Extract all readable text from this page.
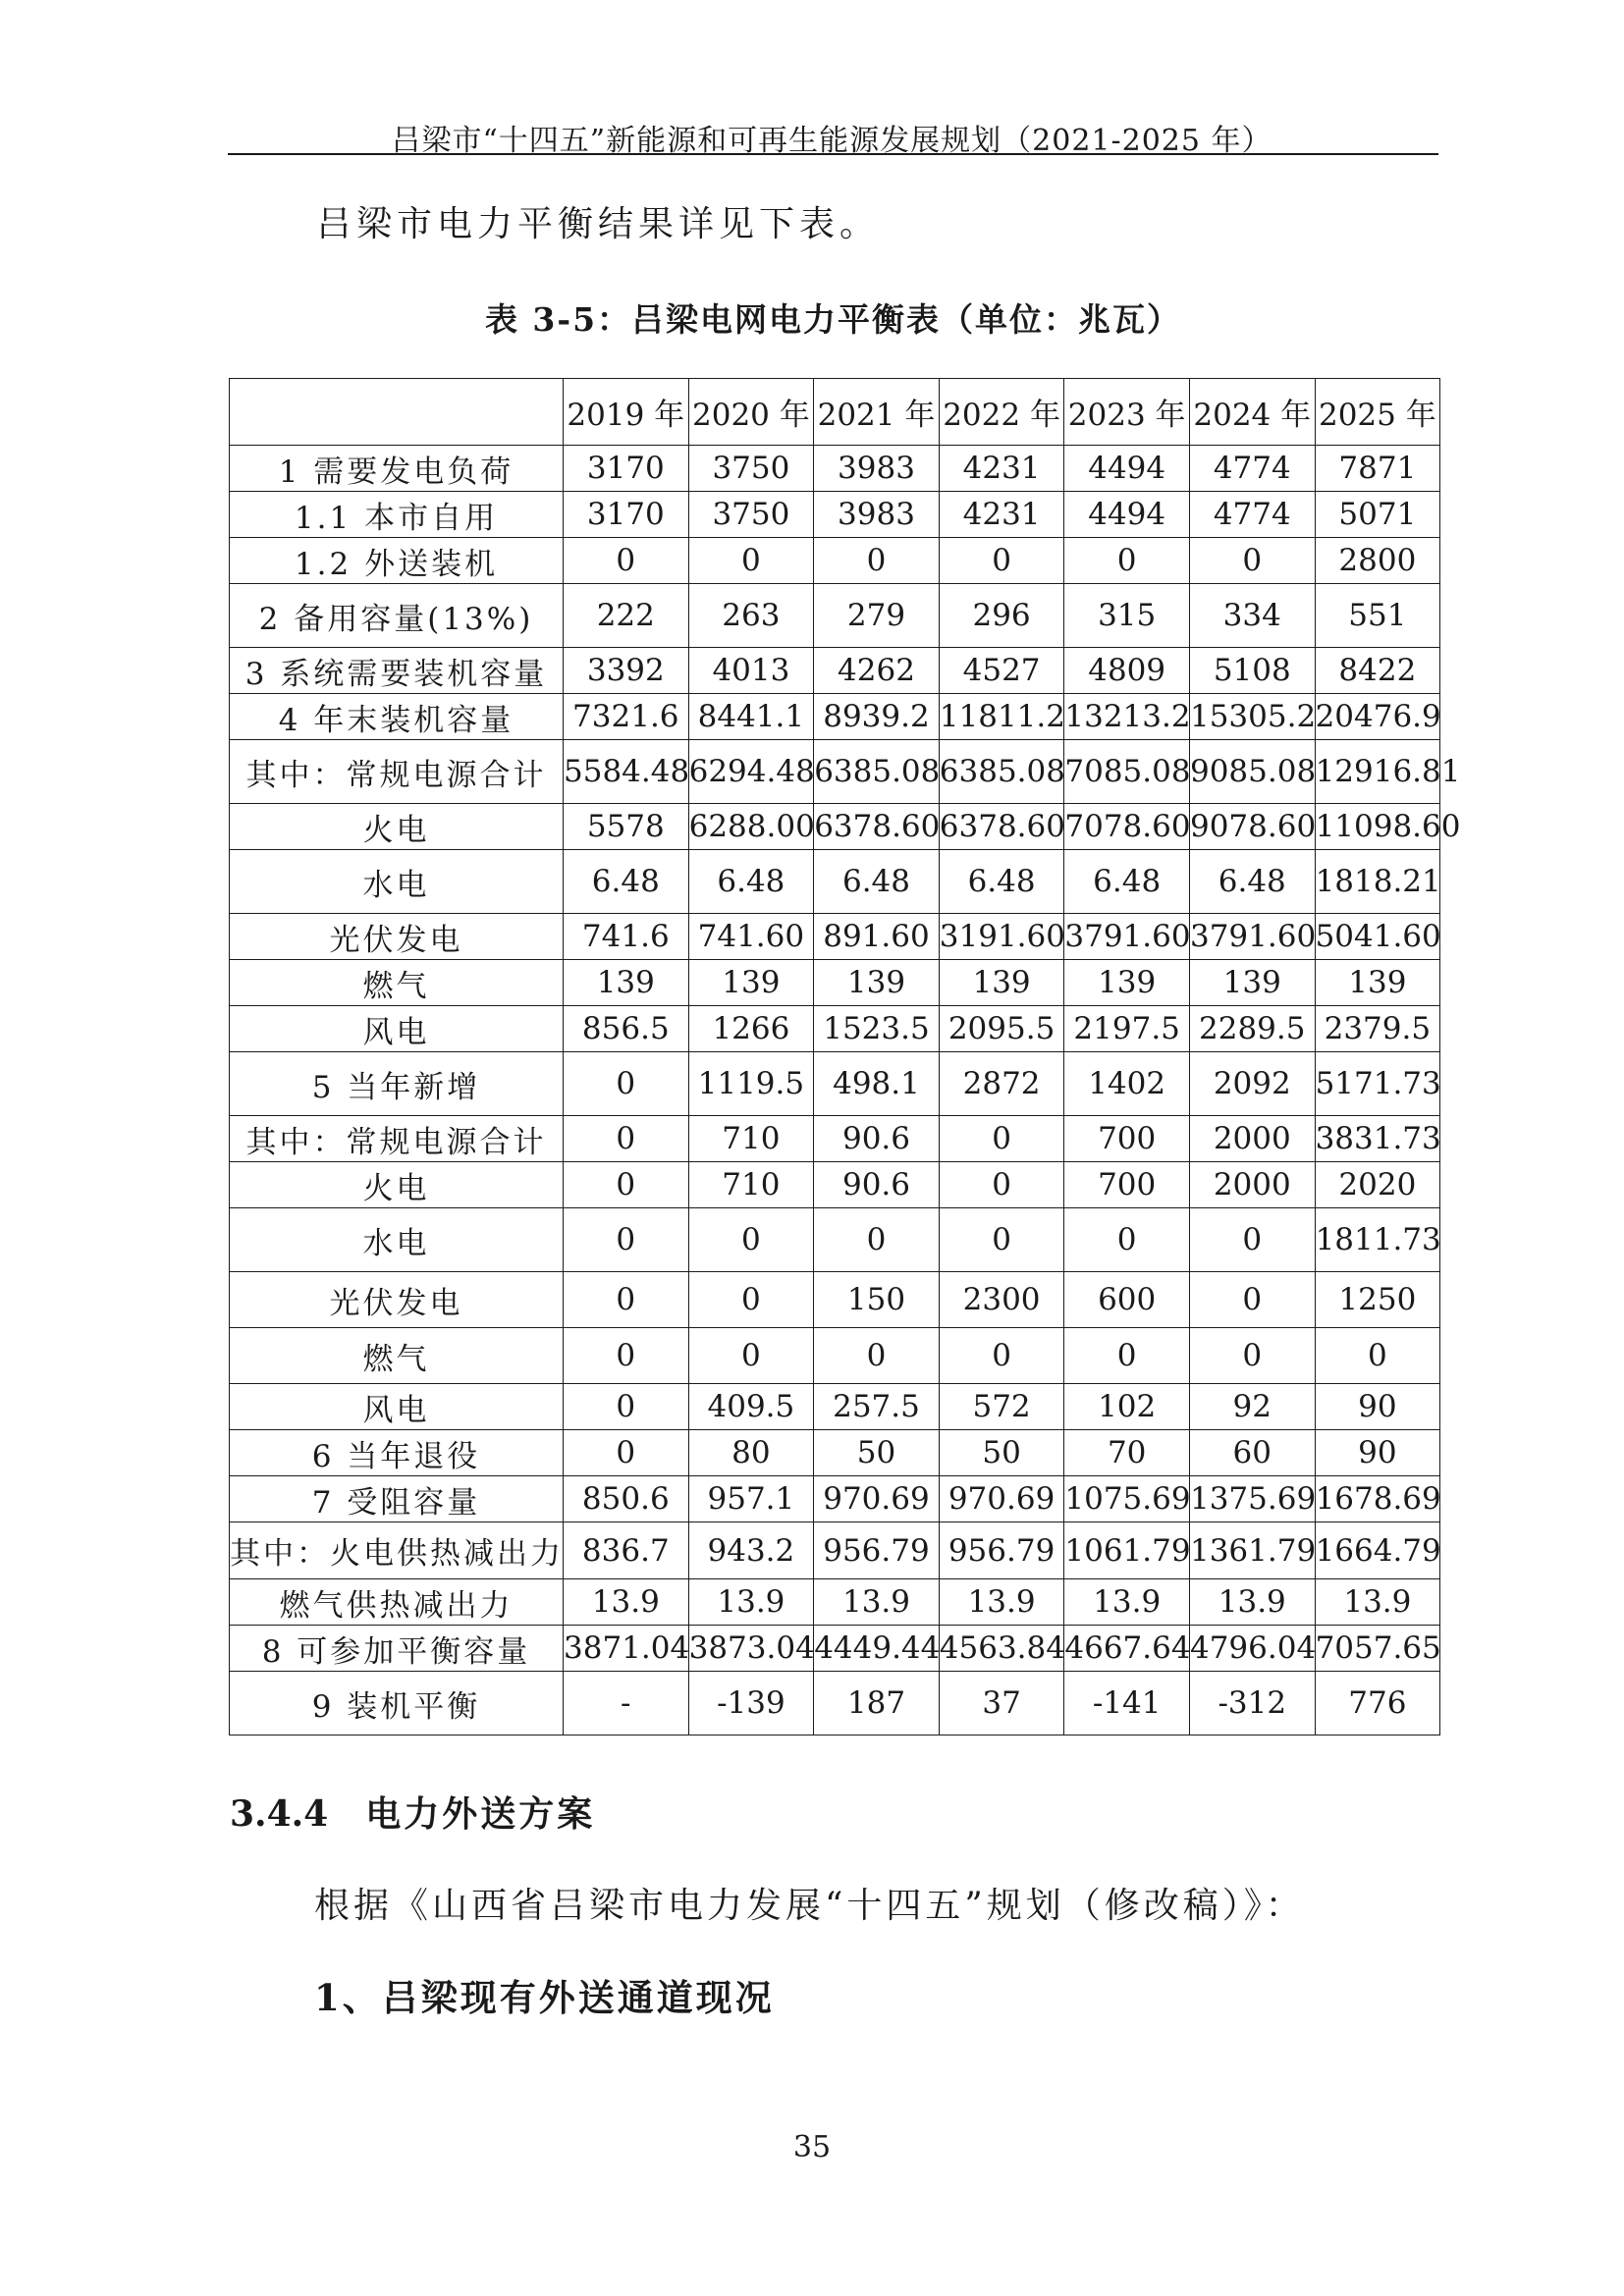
吕梁市“十四五”新能源和可再生能源发展规划（2021-2025 年）
吕梁市电力平衡结果详见下表。
表 3-5：吕梁电网电力平衡表（单位：兆瓦）
	2019 年	2020 年	2021 年	2022 年	2023 年	2024 年	2025 年
1 需要发电负荷	3170	3750	3983	4231	4494	4774	7871
1.1 本市自用	3170	3750	3983	4231	4494	4774	5071
1.2 外送装机	0	0	0	0	0	0	2800
2 备用容量(13%)	222	263	279	296	315	334	551
3 系统需要装机容量	3392	4013	4262	4527	4809	5108	8422
4 年末装机容量	7321.6	8441.1	8939.2	11811.2	13213.2	15305.2	20476.9
其中：常规电源合计	5584.48	6294.48	6385.08	6385.08	7085.08	9085.08	12916.81
火电	5578	6288.00	6378.60	6378.60	7078.60	9078.60	11098.60
水电	6.48	6.48	6.48	6.48	6.48	6.48	1818.21
光伏发电	741.6	741.60	891.60	3191.60	3791.60	3791.60	5041.60
燃气	139	139	139	139	139	139	139
风电	856.5	1266	1523.5	2095.5	2197.5	2289.5	2379.5
5 当年新增	0	1119.5	498.1	2872	1402	2092	5171.73
其中：常规电源合计	0	710	90.6	0	700	2000	3831.73
火电	0	710	90.6	0	700	2000	2020
水电	0	0	0	0	0	0	1811.73
光伏发电	0	0	150	2300	600	0	1250
燃气	0	0	0	0	0	0	0
风电	0	409.5	257.5	572	102	92	90
6 当年退役	0	80	50	50	70	60	90
7 受阻容量	850.6	957.1	970.69	970.69	1075.69	1375.69	1678.69
其中：火电供热减出力	836.7	943.2	956.79	956.79	1061.79	1361.79	1664.79
燃气供热减出力	13.9	13.9	13.9	13.9	13.9	13.9	13.9
8 可参加平衡容量	3871.04	3873.04	4449.44	4563.84	4667.64	4796.04	7057.65
9 装机平衡	-	-139	187	37	-141	-312	776
3.4.4 电力外送方案
根据《山西省吕梁市电力发展“十四五”规划（修改稿）》：
1、吕梁现有外送通道现况
35
